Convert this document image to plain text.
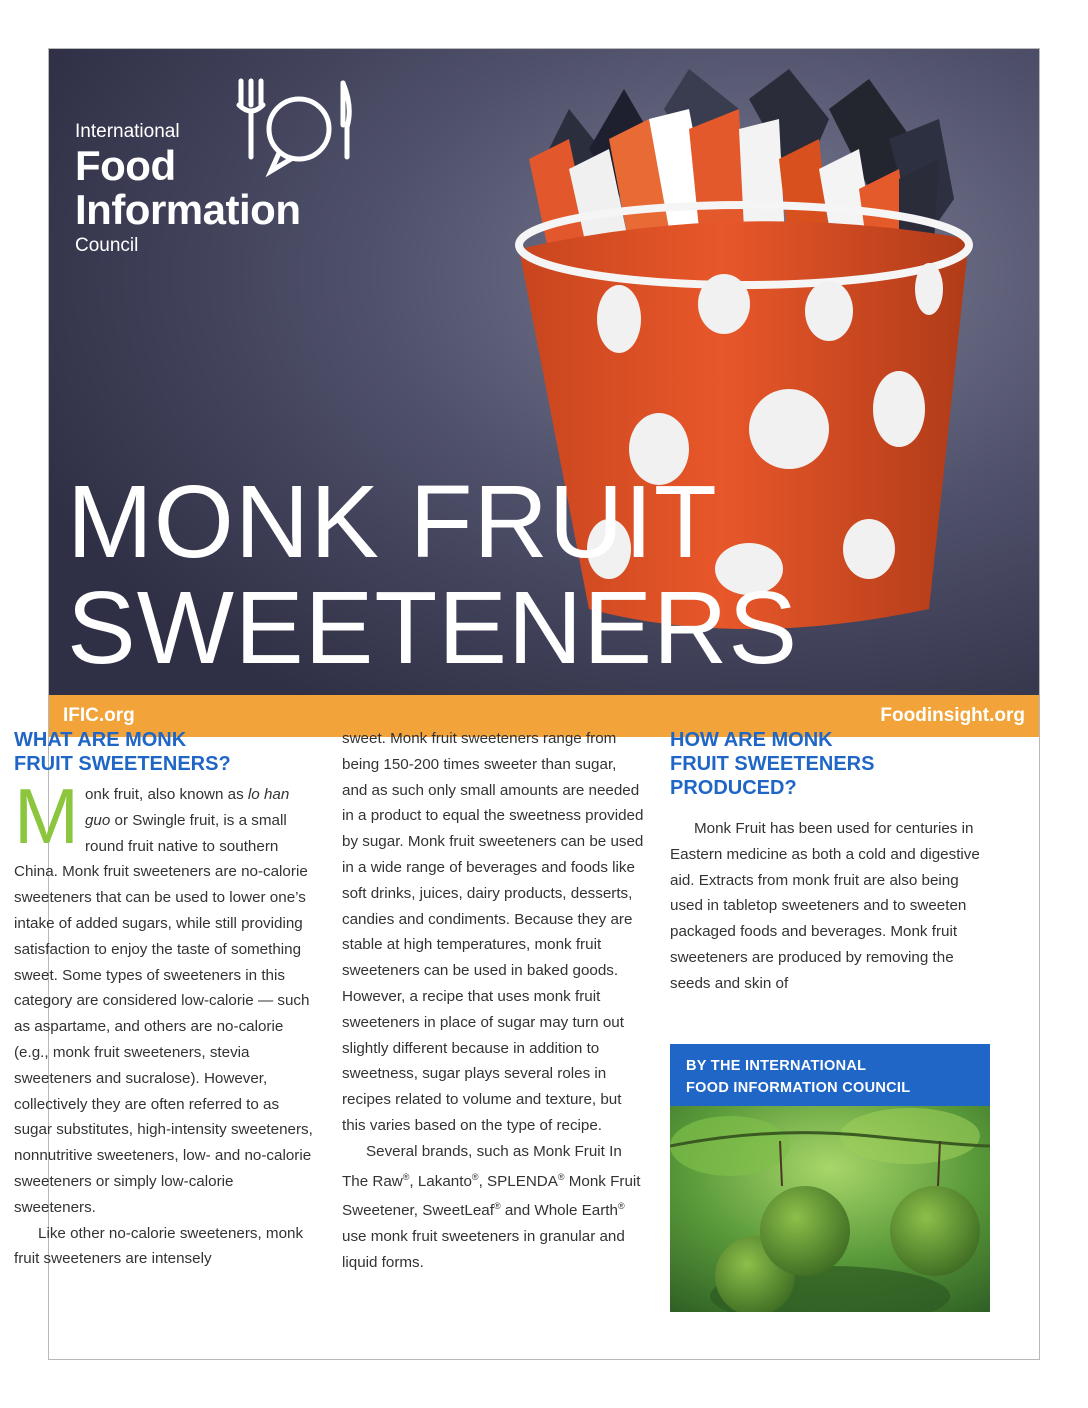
International
Food
Information
Council
MONK FRUIT
SWEETENERS
IFIC.org	Foodinsight.org
WHAT ARE MONK
FRUIT SWEETENERS?

Monk fruit, also known as lo han guo or Swingle fruit, is a small round fruit native to southern China. Monk fruit sweeteners are no-calorie sweeteners that can be used to lower one’s intake of added sugars, while still providing satisfaction to enjoy the taste of something sweet. Some types of sweeteners in this category are considered low-calorie — such as aspartame, and others are no-calorie (e.g., monk fruit sweeteners, stevia sweeteners and sucralose). However, collectively they are often referred to as sugar substitutes, high-intensity sweeteners, nonnutritive sweeteners, low- and no-calorie sweeteners or simply low-calorie sweeteners.

Like other no-calorie sweeteners, monk fruit sweeteners are intensely

sweet. Monk fruit sweeteners range from being 150-200 times sweeter than sugar, and as such only small amounts are needed in a product to equal the sweetness provided by sugar. Monk fruit sweeteners can be used in a wide range of beverages and foods like soft drinks, juices, dairy products, desserts, candies and condiments. Because they are stable at high temperatures, monk fruit sweeteners can be used in baked goods. However, a recipe that uses monk fruit sweeteners in place of sugar may turn out slightly different because in addition to sweetness, sugar plays several roles in recipes related to volume and texture, but this varies based on the type of recipe.

Several brands, such as Monk Fruit In The Raw®, Lakanto®, SPLENDA® Monk Fruit Sweetener, SweetLeaf® and Whole Earth® use monk fruit sweeteners in granular and liquid forms.

HOW ARE MONK
FRUIT SWEETENERS
PRODUCED?

Monk Fruit has been used for centuries in Eastern medicine as both a cold and digestive aid. Extracts from monk fruit are also being used in tabletop sweeteners and to sweeten packaged foods and beverages. Monk fruit sweeteners are produced by removing the seeds and skin of

BY THE INTERNATIONAL
FOOD INFORMATION COUNCIL
